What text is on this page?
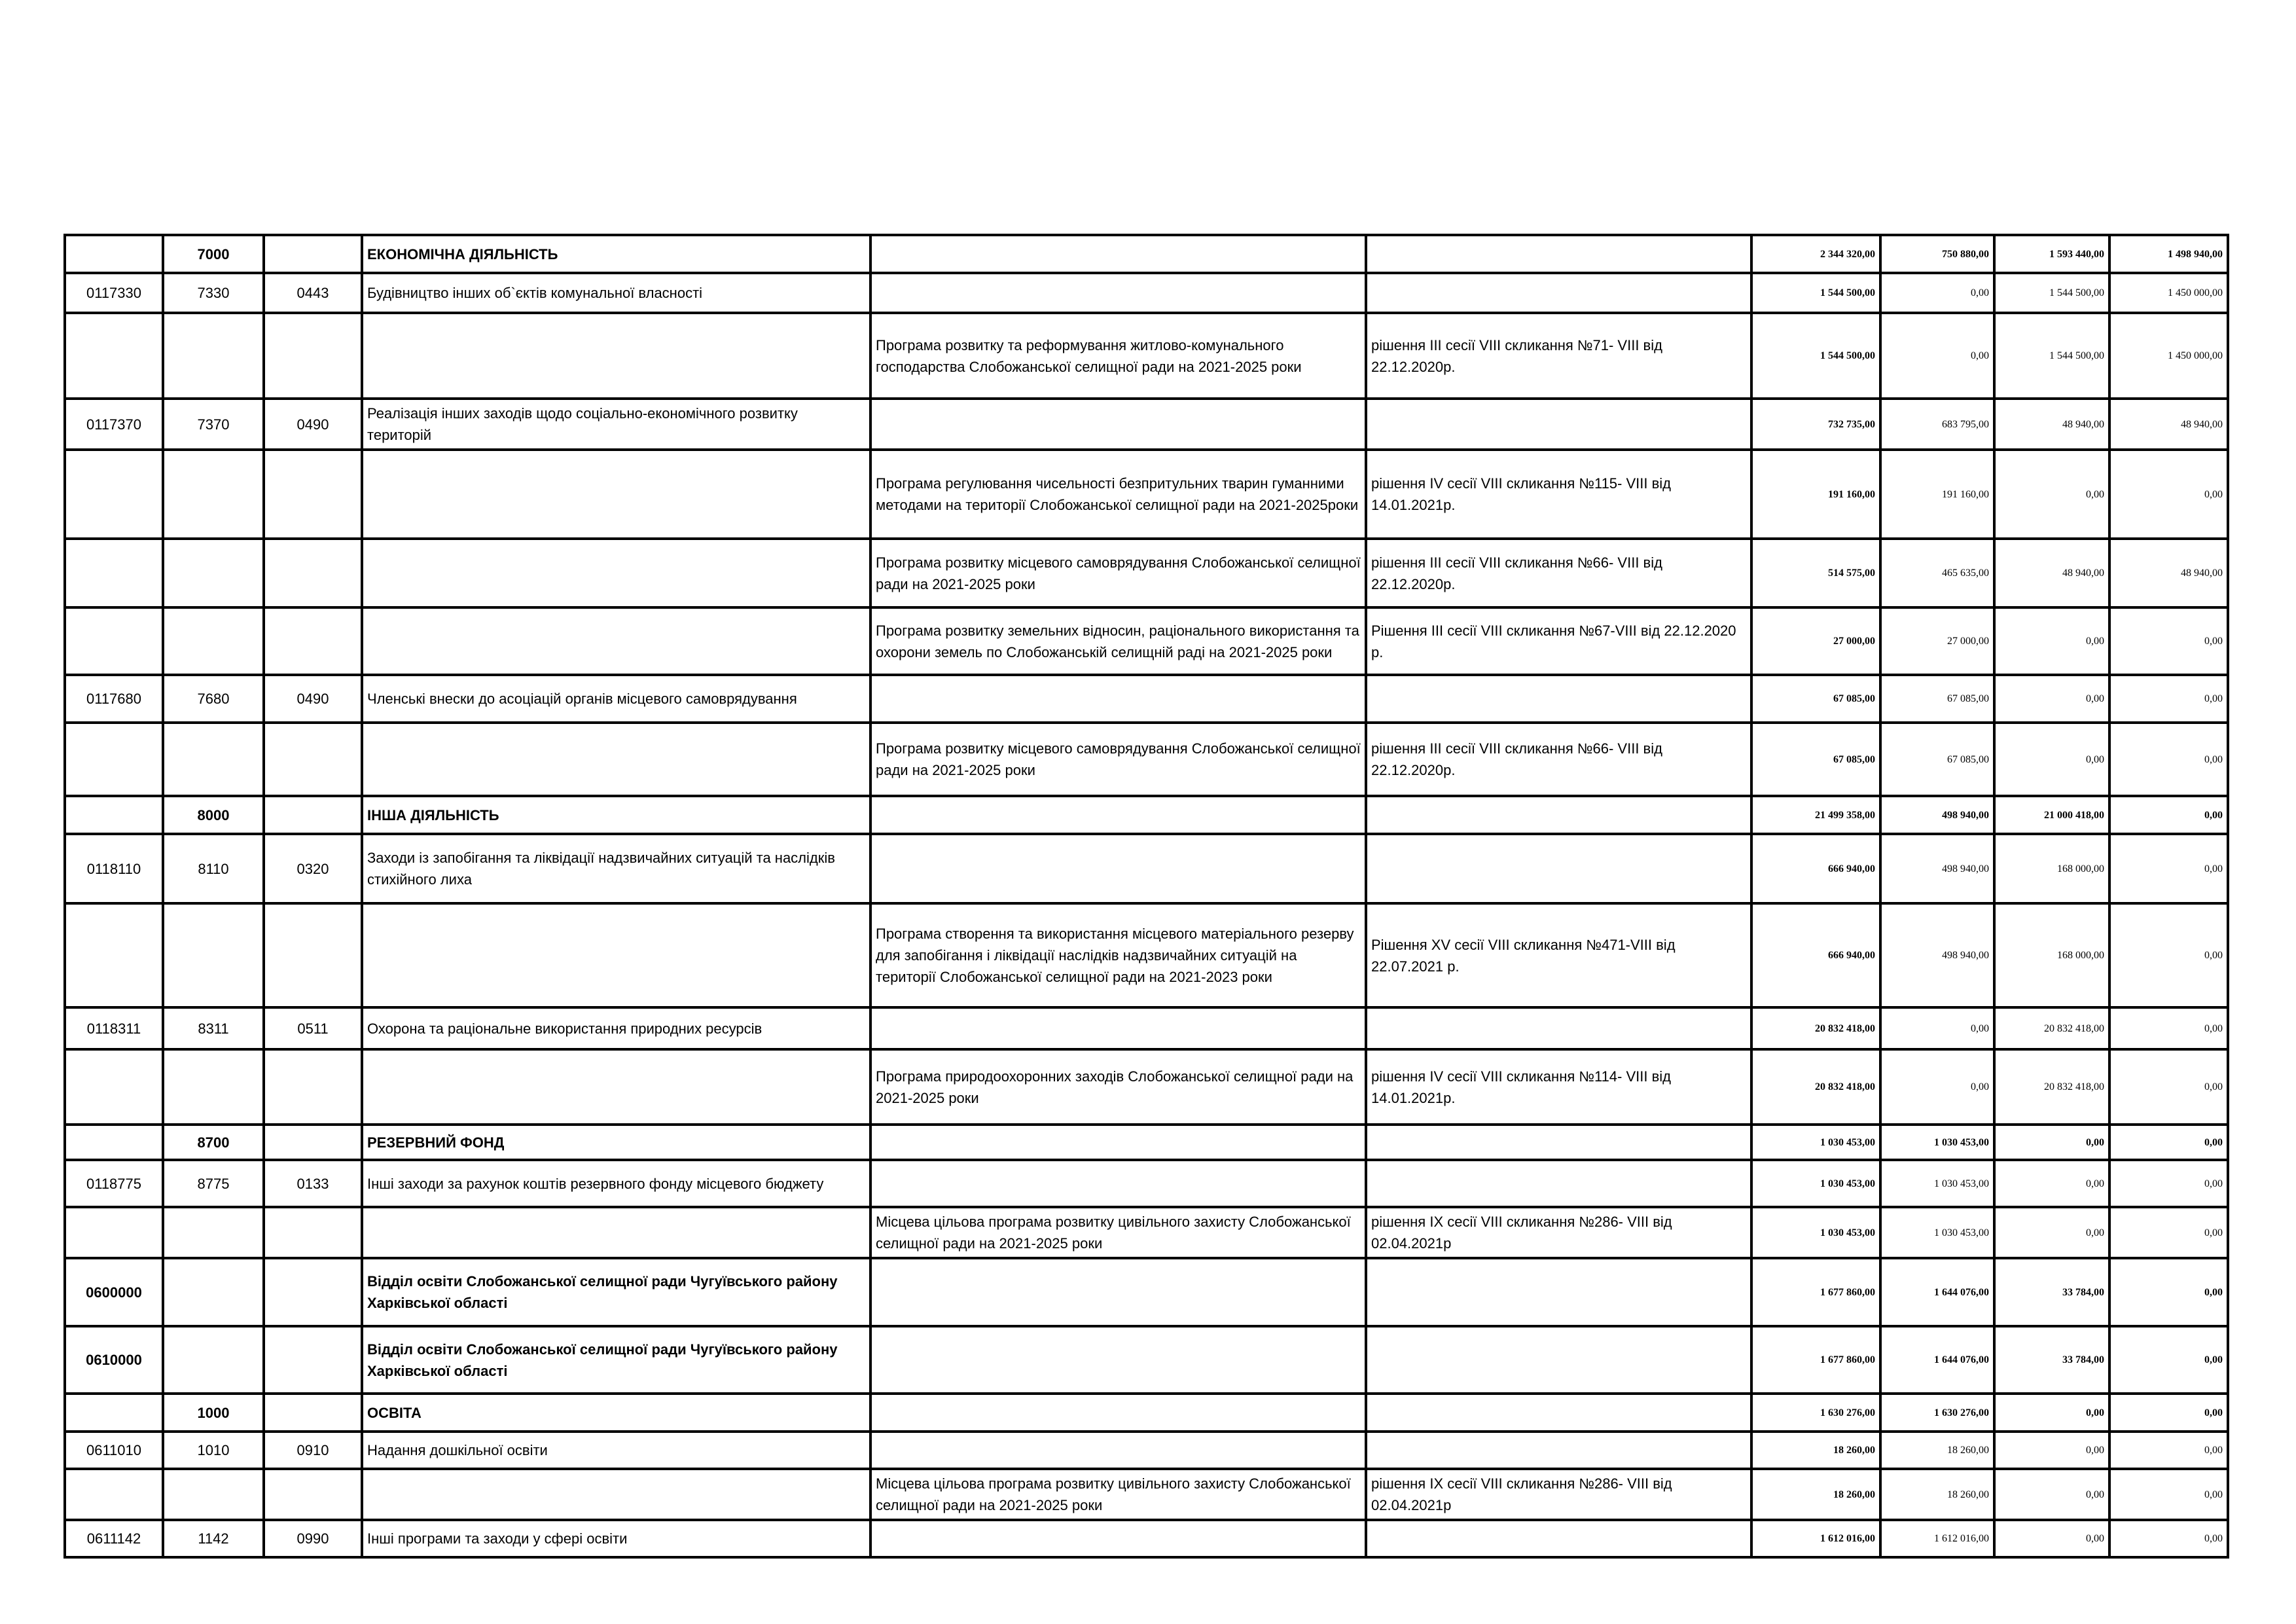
	7000		ЕКОНОМІЧНА ДІЯЛЬНІСТЬ			2 344 320,00	750 880,00	1 593 440,00	1 498 940,00
0117330	7330	0443	Будівництво інших об`єктів комунальної власності			1 544 500,00	0,00	1 544 500,00	1 450 000,00
				Програма розвитку та реформування житлово-комунального господарства Слобожанської селищної ради на 2021-2025 роки	рішення ІІІ сесії VIII скликання №71- VIII від 22.12.2020р.	1 544 500,00	0,00	1 544 500,00	1 450 000,00
0117370	7370	0490	Реалізація інших заходів щодо соціально-економічного розвитку територій			732 735,00	683 795,00	48 940,00	48 940,00
				Програма регулювання чисельності безпритульних тварин гуманними методами на території Слобожанської селищної ради на 2021-2025роки	рішення IV сесії VIII скликання №115- VIII від 14.01.2021р.	191 160,00	191 160,00	0,00	0,00
				Програма розвитку місцевого самоврядування Слобожанської селищної ради на 2021-2025 роки	рішення ІІІ сесії VIII скликання №66- VIII від 22.12.2020р.	514 575,00	465 635,00	48 940,00	48 940,00
				Програма розвитку земельних відносин, раціонального використання та охорони земель по Слобожанській селищній раді на 2021-2025 роки	Рішення ІІІ сесії VIII скликання №67-VIII від 22.12.2020 р.	27 000,00	27 000,00	0,00	0,00
0117680	7680	0490	Членські внески до асоціацій органів місцевого самоврядування			67 085,00	67 085,00	0,00	0,00
				Програма розвитку місцевого самоврядування Слобожанської селищної ради на 2021-2025 роки	рішення ІІІ сесії VIII скликання №66- VIII від 22.12.2020р.	67 085,00	67 085,00	0,00	0,00
	8000		ІНША ДІЯЛЬНІСТЬ			21 499 358,00	498 940,00	21 000 418,00	0,00
0118110	8110	0320	Заходи із запобігання та ліквідації надзвичайних ситуацій та наслідків стихійного лиха			666 940,00	498 940,00	168 000,00	0,00
				Програма створення та використання місцевого матеріального резерву для запобігання і ліквідації наслідків надзвичайних ситуацій на території Слобожанської селищної ради на 2021-2023 роки	Рішення XV сесії VIII скликання №471-VIII від 22.07.2021 р.	666 940,00	498 940,00	168 000,00	0,00
0118311	8311	0511	Охорона та раціональне використання природних ресурсів			20 832 418,00	0,00	20 832 418,00	0,00
				Програма природоохоронних заходів Слобожанської селищної ради на 2021-2025 роки	рішення IV сесії VIII скликання №114- VIII від 14.01.2021р.	20 832 418,00	0,00	20 832 418,00	0,00
	8700		РЕЗЕРВНИЙ ФОНД			1 030 453,00	1 030 453,00	0,00	0,00
0118775	8775	0133	Інші заходи за рахунок коштів резервного фонду місцевого бюджету			1 030 453,00	1 030 453,00	0,00	0,00
				Місцева цільова програма розвитку цивільного захисту Слобожанської селищної ради на 2021-2025 роки	рішення ІХ сесії VIII скликання №286- VIII від 02.04.2021р	1 030 453,00	1 030 453,00	0,00	0,00
0600000			Відділ освіти Слобожанської селищної ради Чугуївського району Харківської області			1 677 860,00	1 644 076,00	33 784,00	0,00
0610000			Відділ освіти Слобожанської селищної ради Чугуївського району Харківської області			1 677 860,00	1 644 076,00	33 784,00	0,00
	1000		ОСВІТА			1 630 276,00	1 630 276,00	0,00	0,00
0611010	1010	0910	Надання дошкільної освіти			18 260,00	18 260,00	0,00	0,00
				Місцева цільова програма розвитку цивільного захисту Слобожанської селищної ради на 2021-2025 роки	рішення ІХ сесії VIII скликання №286- VIII від 02.04.2021р	18 260,00	18 260,00	0,00	0,00
0611142	1142	0990	Інші програми та заходи у сфері освіти			1 612 016,00	1 612 016,00	0,00	0,00
